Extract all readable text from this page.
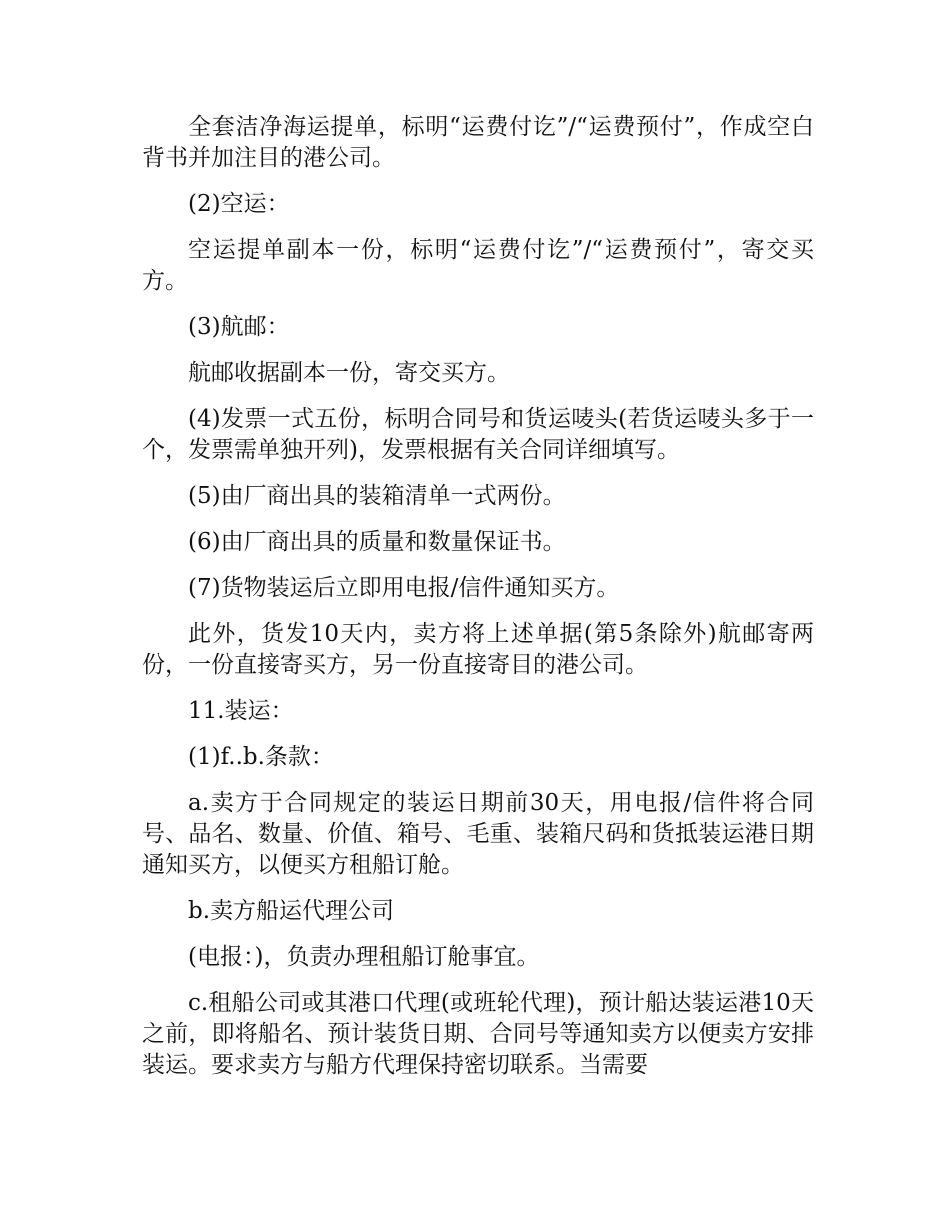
全套洁净海运提单，标明“运费付讫”/“运费预付”，作成空白背书并加注目的港公司。

(2)空运：

空运提单副本一份，标明“运费付讫”/“运费预付”，寄交买方。

(3)航邮：

航邮收据副本一份，寄交买方。

(4)发票一式五份，标明合同号和货运唛头(若货运唛头多于一个，发票需单独开列)，发票根据有关合同详细填写。

(5)由厂商出具的装箱清单一式两份。

(6)由厂商出具的质量和数量保证书。

(7)货物装运后立即用电报/信件通知买方。

此外，货发10天内，卖方将上述单据(第5条除外)航邮寄两份，一份直接寄买方，另一份直接寄目的港公司。

11.装运：

(1)f..b.条款：

a.卖方于合同规定的装运日期前30天，用电报/信件将合同号、品名、数量、价值、箱号、毛重、装箱尺码和货抵装运港日期通知买方，以便买方租船订舱。

b.卖方船运代理公司

(电报：)，负责办理租船订舱事宜。

c.租船公司或其港口代理(或班轮代理)，预计船达装运港10天之前，即将船名、预计装货日期、合同号等通知卖方以便卖方安排装运。要求卖方与船方代理保持密切联系。当需要
